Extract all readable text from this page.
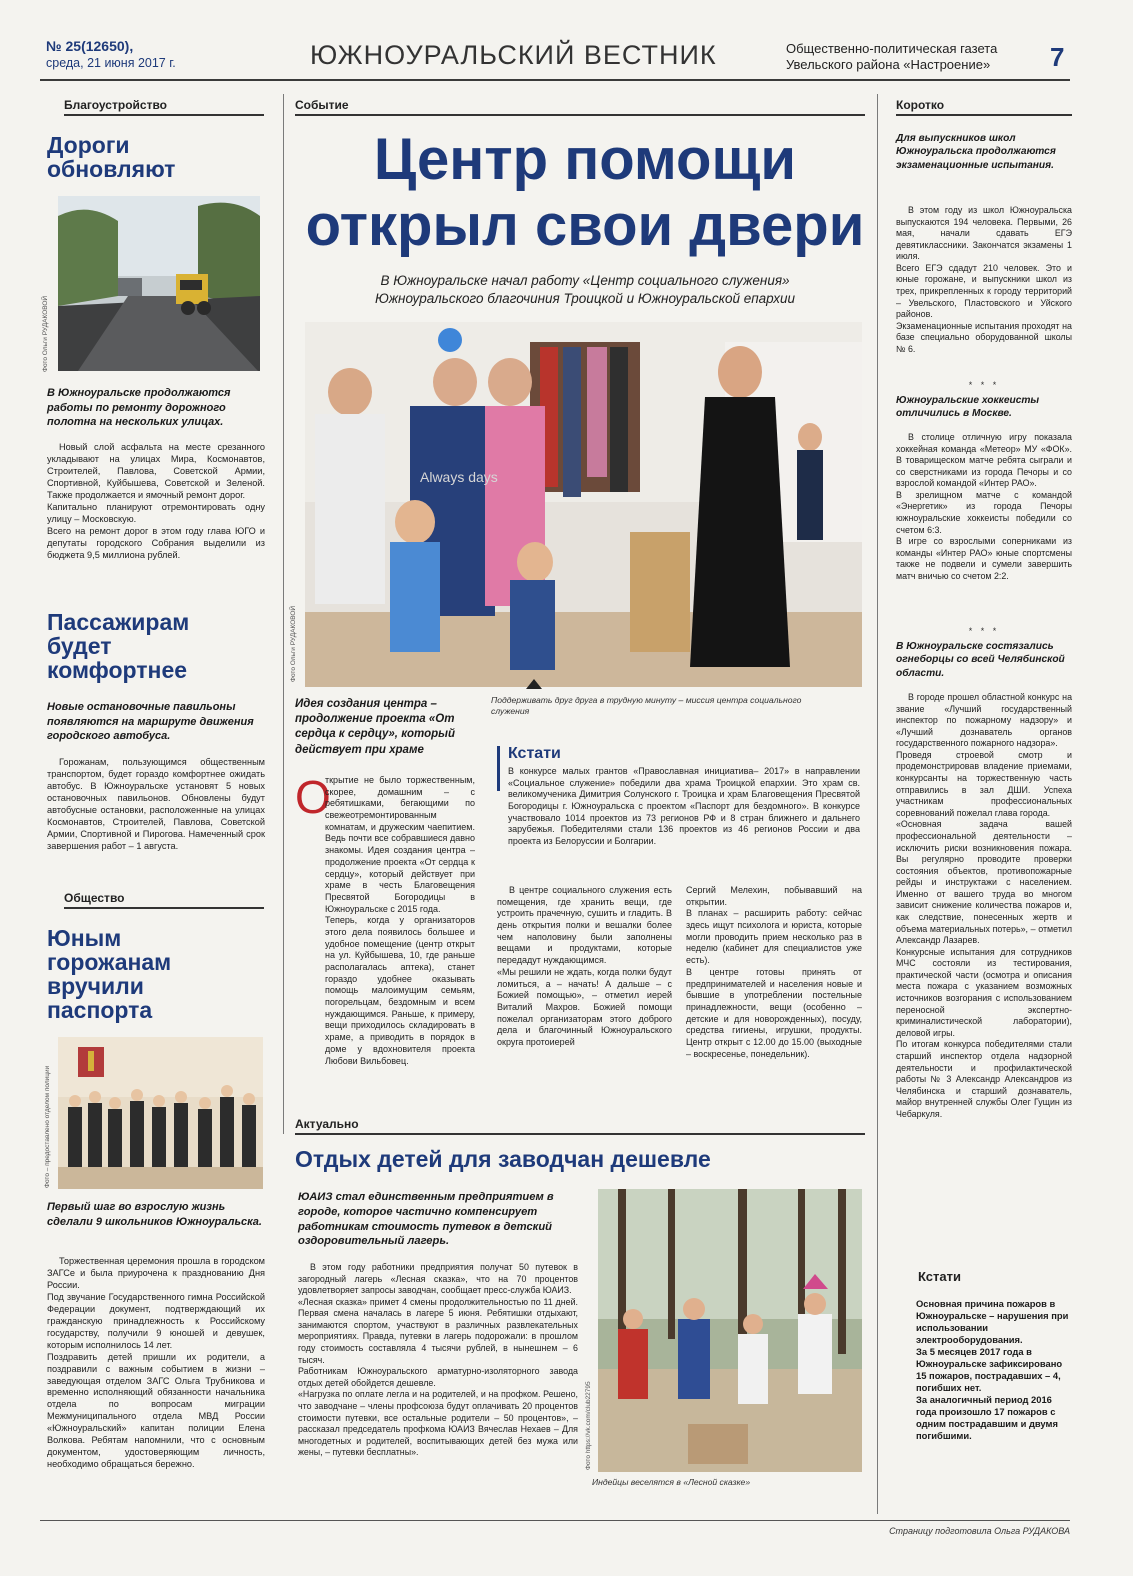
№ 25(12650),
среда, 21 июня 2017 г.	ЮЖНОУРАЛЬСКИЙ ВЕСТНИК	Общественно-политическая газета
Увельского района «Настроение» 7
Благоустройство
Дороги обновляют
Фото Ольги РУДАКОВОЙ
В Южноуральске продолжаются работы по ремонту дорожного полотна на нескольких улицах.
Новый слой асфальта на месте срезанного укладывают на улицах Мира, Космонавтов, Строителей, Павлова, Советской Армии, Спортивной, Куйбышева, Советской и Зеленой. Также продолжается и ямочный ремонт дорог.
Капитально планируют отремонтировать одну улицу – Московскую.
Всего на ремонт дорог в этом году глава ЮГО и депутаты городского Собрания выделили из бюджета 9,5 миллиона рублей.
Пассажирам будет комфортнее
Новые остановочные павильоны появляются на маршруте движения городского автобуса.
Горожанам, пользующимся общественным транспортом, будет гораздо комфортнее ожидать автобус. В Южноуральске установят 5 новых остановочных павильонов. Обновлены будут автобусные остановки, расположенные на улицах Космонавтов, Строителей, Павлова, Советской Армии, Спортивной и Пирогова. Намеченный срок завершения работ – 1 августа.
Общество
Юным горожанам вручили паспорта
Фото – предоставлено отделом полиции
Первый шаг во взрослую жизнь сделали 9 школьников Южноуральска.
Торжественная церемония прошла в городском ЗАГСе и была приурочена к празднованию Дня России.
Под звучание Государственного гимна Российской Федерации документ, подтверждающий их гражданскую принадлежность к Российскому государству, получили 9 юношей и девушек, которым исполнилось 14 лет.
Поздравить детей пришли их родители, а поздравили с важным событием в жизни – заведующая отделом ЗАГС Ольга Трубникова и временно исполняющий обязанности начальника отдела по вопросам миграции Межмуниципального отдела МВД России «Южноуральский» капитан полиции Елена Волкова. Ребятам напомнили, что с основным документом, удостоверяющим личность, необходимо обращаться бережно.
Событие
Центр помощи
открыл свои двери
В Южноуральске начал работу «Центр социального служения» Южноуральского благочиния Троицкой и Южноуральской епархии
Always days
Фото Ольги РУДАКОВОЙ
Идея создания центра – продолжение проекта «От сердца к сердцу», который действует при храме
Поддерживать друг друга в трудную минуту – миссия центра социального служения
Кстати
В конкурсе малых грантов «Православная инициатива– 2017» в направлении «Социальное служение» победили два храма Троицкой епархии. Это храм св. великомученика Димитрия Солунского г. Троицка и храм Благовещения Пресвятой Богородицы г. Южноуральска с проектом «Паспорт для бездомного». В конкурсе участвовало 1014 проектов из 73 регионов РФ и 8 стран ближнего и дальнего зарубежья. Победителями стали 136 проектов из 46 регионов России и два проекта из Белоруссии и Болгарии.
О
ткрытие не было торжественным, скорее, домашним – с ребятишками, бегающими по свежеотремонтированным комнатам, и дружеским чаепитием. Ведь почти все собравшиеся давно знакомы. Идея создания центра – продолжение проекта «От сердца к сердцу», который действует при храме в честь Благовещения Пресвятой Богородицы в Южноуральске с 2015 года.
Теперь, когда у организаторов этого дела появилось большее и удобное помещение (центр открыт на ул. Куйбышева, 10, где раньше располагалась аптека), станет гораздо удобнее оказывать помощь малоимущим семьям, погорельцам, бездомным и всем нуждающимся. Раньше, к примеру, вещи приходилось складировать в храме, а приводить в порядок в доме у вдохновителя проекта Любови Вильбовец.
В центре социального служения есть помещения, где хранить вещи, где устроить прачечную, сушить и гладить. В день открытия полки и вешалки более чем наполовину были заполнены вещами и продуктами, которые передадут нуждающимся.
«Мы решили не ждать, когда полки будут ломиться, а – начать! А дальше – с Божией помощью», – отметил иерей Виталий Махров. Божией помощи пожелал организаторам этого доброго дела и благочинный Южноуральского округа протоиерей
Сергий Мелехин, побывавший на открытии.
В планах – расширить работу: сейчас здесь ищут психолога и юриста, которые могли проводить прием несколько раз в неделю (кабинет для специалистов уже есть).
В центре готовы принять от предпринимателей и населения новые и бывшие в употреблении постельные принадлежности, вещи (особенно – детские и для новорожденных), посуду, средства гигиены, игрушки, продукты. Центр открыт с 12.00 до 15.00 (выходные – воскресенье, понедельник).
Актуально
Отдых детей для заводчан дешевле
ЮАИЗ стал единственным предприятием в городе, которое частично компенсирует работникам стоимость путевок в детский оздоровительный лагерь.
В этом году работники предприятия получат 50 путевок в загородный лагерь «Лесная сказка», что на 70 процентов удовлетворяет запросы заводчан, сообщает пресс-служба ЮАИЗ.
«Лесная сказка» примет 4 смены продолжительностью по 11 дней. Первая смена началась в лагере 5 июня. Ребятишки отдыхают, занимаются спортом, участвуют в различных развлекательных мероприятиях. Правда, путевки в лагерь подорожали: в прошлом году стоимость составляла 4 тысячи рублей, в нынешнем – 6 тысяч.
Работникам Южноуральского арматурно-изоляторного завода отдых детей обойдется дешевле.
«Нагрузка по оплате легла и на родителей, и на профком. Решено, что заводчане – члены профсоюза будут оплачивать 20 процентов стоимости путевки, все остальные родители – 50 процентов», – рассказал председатель профкома ЮАИЗ Вячеслав Нехаев – Для многодетных и родителей, воспитывающих детей без мужа или жены, – путевки бесплатны».	Фото https://vk.com/club22795
Индейцы веселятся в «Лесной сказке»
Коротко
Для выпускников школ Южноуральска продолжаются экзаменационные испытания.
В этом году из школ Южноуральска выпускаются 194 человека. Первыми, 26 мая, начали сдавать ЕГЭ девятиклассники. Закончатся экзамены 1 июля.
Всего ЕГЭ сдадут 210 человек. Это и юные горожане, и выпускники школ из трех, прикрепленных к городу территорий – Увельского, Пластовского и Уйского районов.
Экзаменационные испытания проходят на базе специально оборудованной школы № 6.
* * *
Южноуральские хоккеисты отличились в Москве.
В столице отличную игру показала хоккейная команда «Метеор» МУ «ФОК». В товарищеском матче ребята сыграли и со сверстниками из города Печоры и со взрослой командой «Интер РАО».
В зрелищном матче с командой «Энергетик» из города Печоры южноуральские хоккеисты победили со счетом 6:3.
В игре со взрослыми соперниками из команды «Интер РАО» юные спортсмены также не подвели и сумели завершить матч вничью со счетом 2:2.
* * *
В Южноуральске состязались огнеборцы со всей Челябинской области.
В городе прошел областной конкурс на звание «Лучший государственный инспектор по пожарному надзору» и «Лучший дознаватель органов государственного пожарного надзора».
Проведя строевой смотр и продемонстрировав владение приемами, конкурсанты на торжественную часть отправились в зал ДШИ. Успеха участникам профессиональных соревнований пожелал глава города.
«Основная задача вашей профессиональной деятельности – исключить риски возникновения пожара. Вы регулярно проводите проверки состояния объектов, противопожарные рейды и инструктажи с населением. Именно от вашего труда во многом зависит снижение количества пожаров и, как следствие, понесенных жертв и объема материальных потерь», – отметил Александр Лазарев.
Конкурсные испытания для сотрудников МЧС состояли из тестирования, практической части (осмотра и описания места пожара с указанием возможных источников возгорания с использованием переносной экспертно-криминалистической лаборатории), деловой игры.
По итогам конкурса победителями стали старший инспектор отдела надзорной деятельности и профилактической работы № 3 Александр Александров из Челябинска и старший дознаватель, майор внутренней службы Олег Гущин из Чебаркуля.
Кстати
Основная причина пожаров в Южноуральске – нарушения при использовании электрооборудования.
За 5 месяцев 2017 года в Южноуральске зафиксировано 15 пожаров, пострадавших – 4, погибших нет.
За аналогичный период 2016 года произошло 17 пожаров с одним пострадавшим и двумя погибшими.
Страницу подготовила Ольга РУДАКОВА
